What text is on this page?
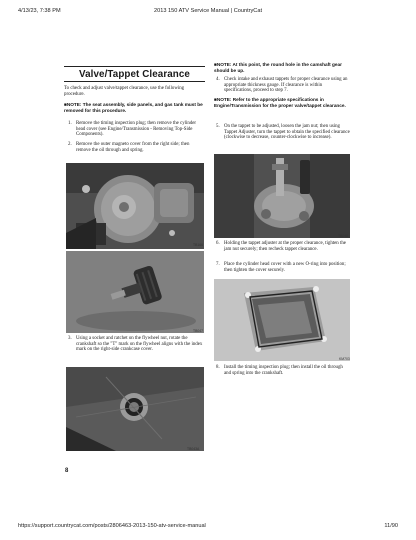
4/13/23, 7:38 PM	2013 150 ATV Service Manual | CountryCat
Valve/Tappet Clearance
To check and adjust valve/tappet clearance, use the following procedure.
■NOTE: The seat assembly, side panels, and gas tank must be removed for this procedure.
1. Remove the timing inspection plug; then remove the cylinder head cover (see Engine/Transmission - Removing Top-Side Components).
2. Remove the outer magneto cover from the right side; then remove the oil through and spring.
TB166
TB047
3. Using a socket and ratchet on the flywheel nut, rotate the crankshaft so the "T" mark on the flywheel aligns with the index mark on the right-side crankcase cover.
TB043A
8
■NOTE: At this point, the round hole in the camshaft gear should be up.
4. Check intake and exhaust tappets for proper clearance using an appropriate thickness gauge. If clearance is within specifications, proceed to step 7.
■NOTE: Refer to the appropriate specifications in Engine/Transmission for the proper valve/tappet clearance.
5. On the tappet to be adjusted, loosen the jam nut; then using Tappet Adjuster, turn the tappet to obtain the specified clearance (clockwise to decrease, counter-clockwise to increase).
TB048
6. Holding the tappet adjuster at the proper clearance, tighten the jam nut securely; then recheck tappet clearance.
7. Place the cylinder head cover with a new O-ring into position; then tighten the cover securely.
KM703
8. Install the timing inspection plug; then install the oil through and spring into the crankshaft.
https://support.countrycat.com/posts/2806463-2013-150-atv-service-manual	11/90
